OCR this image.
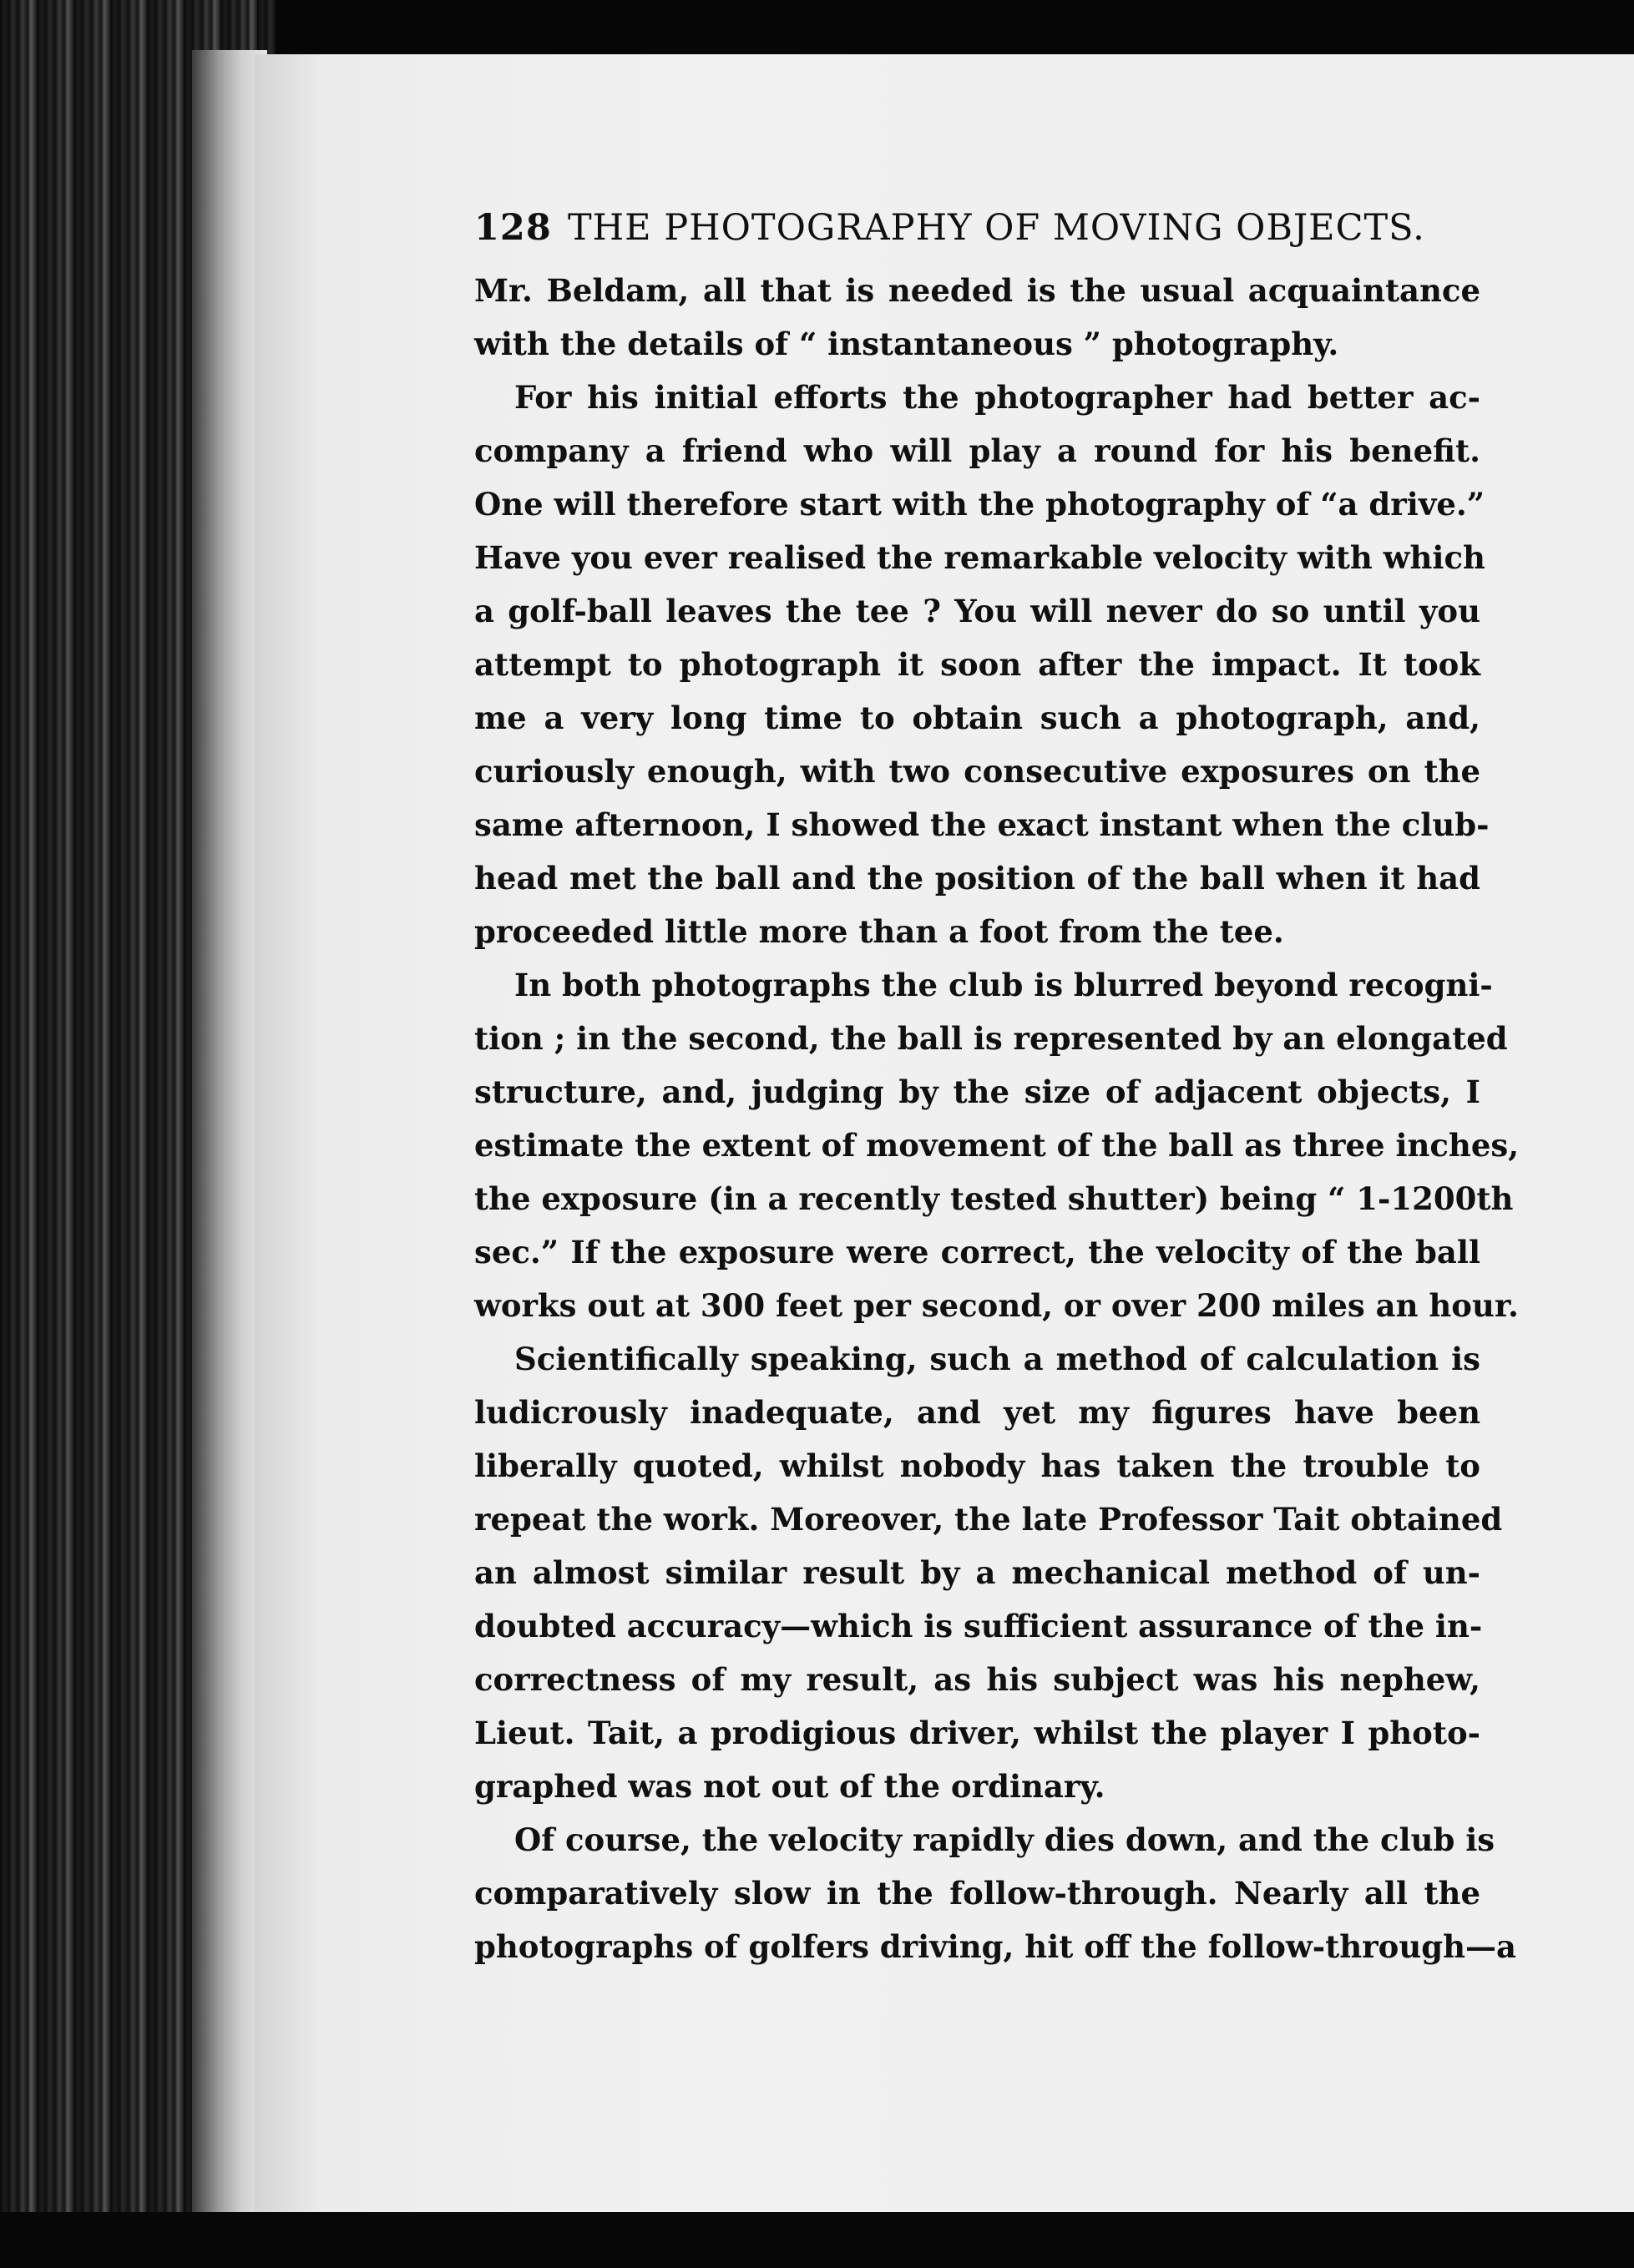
128 THE PHOTOGRAPHY OF MOVING OBJECTS.
Mr. Beldam, all that is needed is the usual acquaintance
with the details of “ instantaneous ” photography.
For his initial efforts the photographer had better ac-
company a friend who will play a round for his benefit.
One will therefore start with the photography of “a drive.”
Have you ever realised the remarkable velocity with which
a golf-ball leaves the tee ? You will never do so until you
attempt to photograph it soon after the impact. It took
me a very long time to obtain such a photograph, and,
curiously enough, with two consecutive exposures on the
same afternoon, I showed the exact instant when the club-
head met the ball and the position of the ball when it had
proceeded little more than a foot from the tee.
In both photographs the club is blurred beyond recogni-
tion ; in the second, the ball is represented by an elongated
structure, and, judging by the size of adjacent objects, I
estimate the extent of movement of the ball as three inches,
the exposure (in a recently tested shutter) being “ 1-1200th
sec.” If the exposure were correct, the velocity of the ball
works out at 300 feet per second, or over 200 miles an hour.
Scientifically speaking, such a method of calculation is
ludicrously inadequate, and yet my figures have been
liberally quoted, whilst nobody has taken the trouble to
repeat the work. Moreover, the late Professor Tait obtained
an almost similar result by a mechanical method of un-
doubted accuracy—which is sufficient assurance of the in-
correctness of my result, as his subject was his nephew,
Lieut. Tait, a prodigious driver, whilst the player I photo-
graphed was not out of the ordinary.
Of course, the velocity rapidly dies down, and the club is
comparatively slow in the follow-through. Nearly all the
photographs of golfers driving, hit off the follow-through—a
